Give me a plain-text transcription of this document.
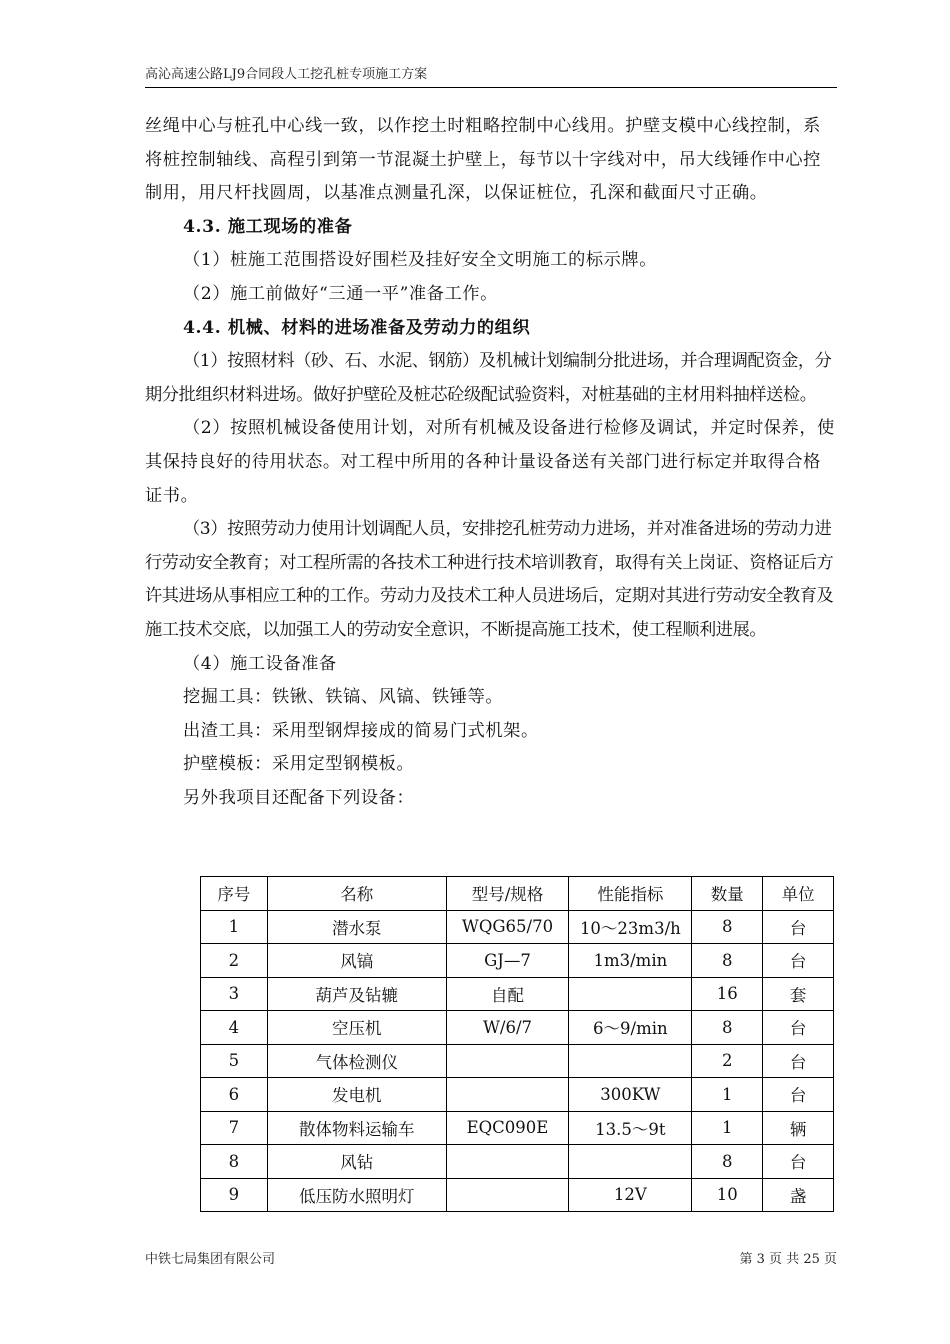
高沁高速公路LJ9合同段人工挖孔桩专项施工方案

丝绳中心与桩孔中心线一致，以作挖土时粗略控制中心线用。护壁支模中心线控制，系将桩控制轴线、高程引到第一节混凝土护壁上，每节以十字线对中，吊大线锤作中心控制用，用尺杆找圆周，以基准点测量孔深，以保证桩位，孔深和截面尺寸正确。

4.3. 施工现场的准备

（1）桩施工范围搭设好围栏及挂好安全文明施工的标示牌。

（2）施工前做好“三通一平”准备工作。

4.4. 机械、材料的进场准备及劳动力的组织

（1）按照材料（砂、石、水泥、钢筋）及机械计划编制分批进场，并合理调配资金，分期分批组织材料进场。做好护壁砼及桩芯砼级配试验资料，对桩基础的主材用料抽样送检。

（2）按照机械设备使用计划，对所有机械及设备进行检修及调试，并定时保养，使其保持良好的待用状态。对工程中所用的各种计量设备送有关部门进行标定并取得合格证书。

（3）按照劳动力使用计划调配人员，安排挖孔桩劳动力进场，并对准备进场的劳动力进行劳动安全教育；对工程所需的各技术工种进行技术培训教育，取得有关上岗证、资格证后方许其进场从事相应工种的工作。劳动力及技术工种人员进场后，定期对其进行劳动安全教育及施工技术交底，以加强工人的劳动安全意识，不断提高施工技术，使工程顺利进展。

（4）施工设备准备

挖掘工具：铁锹、铁镐、风镐、铁锤等。

出渣工具：采用型钢焊接成的简易门式机架。

护壁模板：采用定型钢模板。

另外我项目还配备下列设备：

序号	名称	型号/规格	性能指标	数量	单位
1	潜水泵	WQG65/70	10～23m3/h	8	台
2	风镐	GJ—7	1m3/min	8	台
3	葫芦及钻辘	自配		16	套
4	空压机	W/6/7	6～9/min	8	台
5	气体检测仪			2	台
6	发电机		300KW	1	台
7	散体物料运输车	EQC090E	13.5～9t	1	辆
8	风钻			8	台
9	低压防水照明灯		12V	10	盏
中铁七局集团有限公司	第 3 页 共 25 页
